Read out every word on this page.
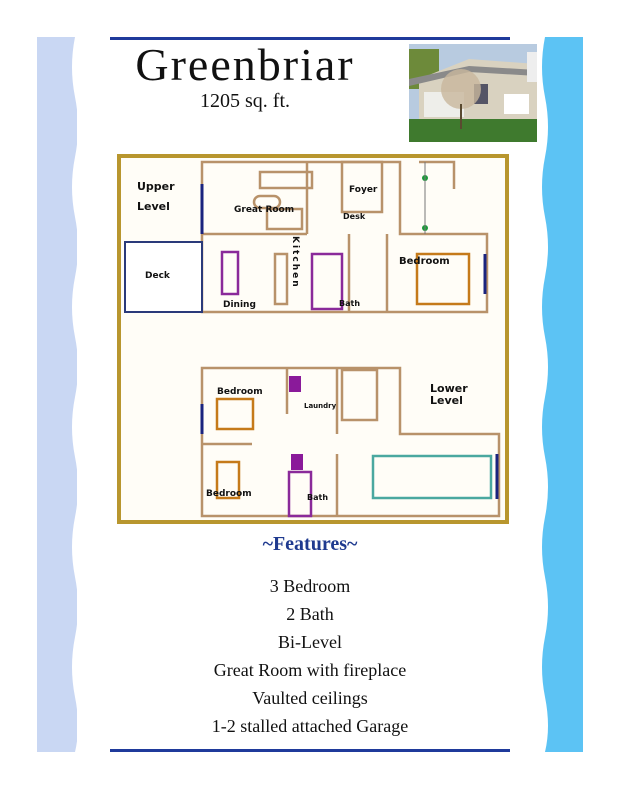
Greenbriar
1205 sq. ft.
Upper
Level	Great Room
Foyer
Desk
Deck
Dining
Kitchen	Bedroom
Bath
Lower
Level
Bedroom
Laundry
Bedroom	Bath
~Features~
3 Bedroom
2 Bath
Bi-Level
Great Room with fireplace
Vaulted ceilings
1-2 stalled attached Garage
